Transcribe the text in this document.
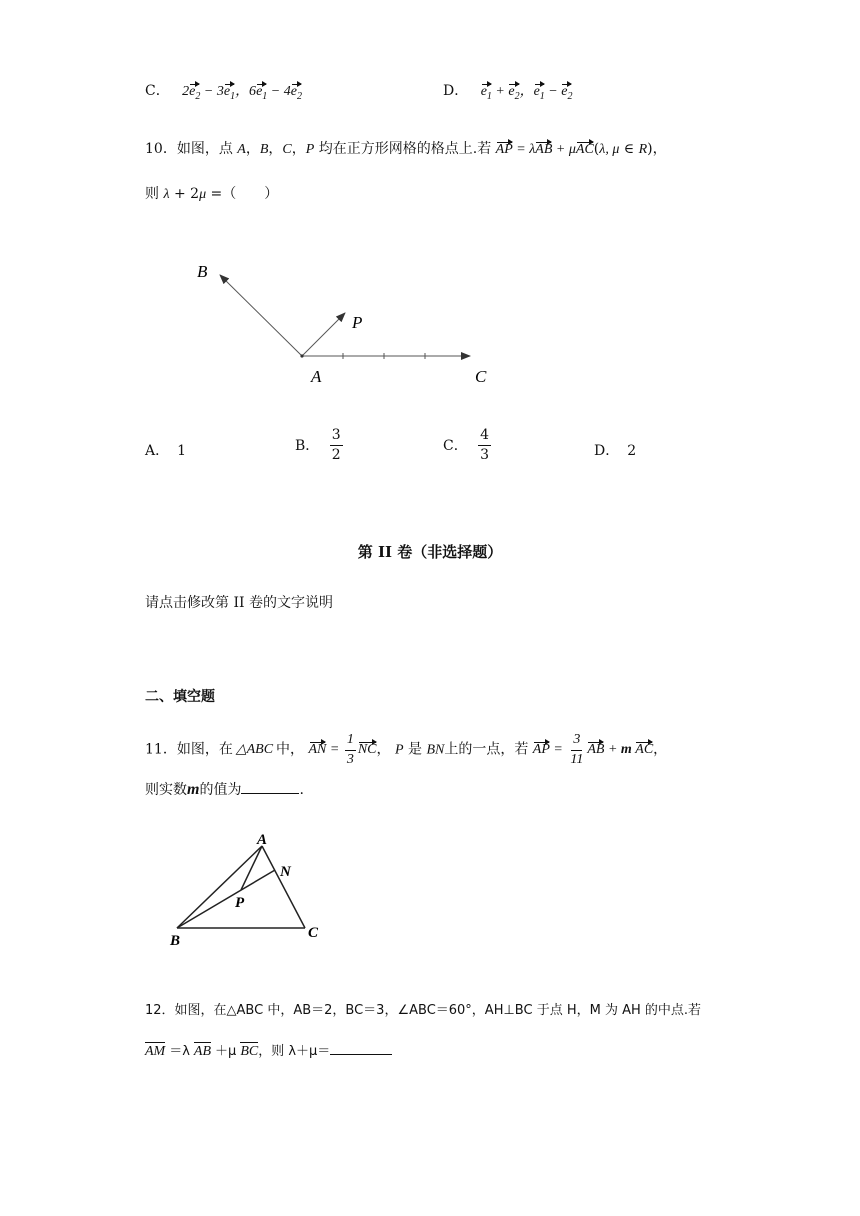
C． $2e_2 - 3e_1$，$6e_1 - 4e_2$	D． $e_1 + e_2$，$e_1 - e_2$
10．如图，点 A，B，C，P 均在正方形网格的格点上.若 AP = λAB + μAC(λ, μ ∈ R)，
则 λ + 2μ =（　　）
B
P
A	C
A． 1	B． $\frac{3}{2}$	C． $\frac{4}{3}$	D． 2
第 II 卷（非选择题）
请点击修改第 II 卷的文字说明
二、填空题
11．如图，在 △ABC 中， AN = $\frac{1}{3}$ NC， P 是 BN上的一点，若 AP = $\frac{3}{11}$ AB + m AC，
则实数m的值为	.
A
N
P
B	C
12．如图，在△ABC 中，AB＝2，BC＝3，∠ABC＝60°，AH⊥BC 于点 H，M 为 AH 的中点.若
AM ＝λ AB ＋μ BC，则 λ＋μ＝
